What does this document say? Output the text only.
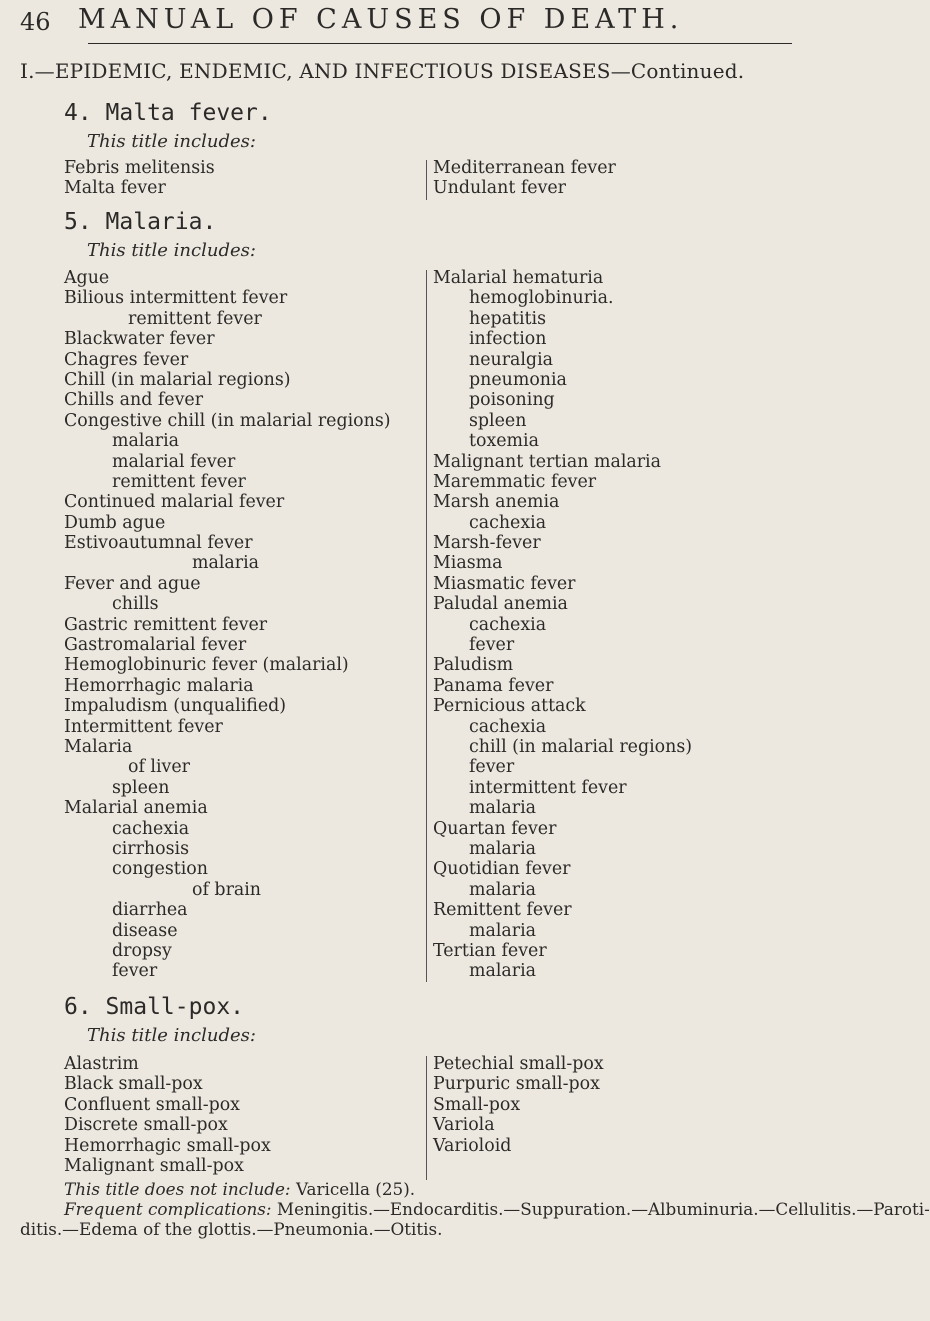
46 MANUAL OF CAUSES OF DEATH.
I.—EPIDEMIC, ENDEMIC, AND INFECTIOUS DISEASES—Continued.
4. Malta fever.
This title includes:
Febris melitensis
Malta fever
Mediterranean fever
Undulant fever
5. Malaria.
This title includes:
Ague
Bilious intermittent fever
remittent fever
Blackwater fever
Chagres fever
Chill (in malarial regions)
Chills and fever
Congestive chill (in malarial regions)
malaria
malarial fever
remittent fever
Continued malarial fever
Dumb ague
Estivoautumnal fever
malaria
Fever and ague
chills
Gastric remittent fever
Gastromalarial fever
Hemoglobinuric fever (malarial)
Hemorrhagic malaria
Impaludism (unqualified)
Intermittent fever
Malaria
of liver
spleen
Malarial anemia
cachexia
cirrhosis
congestion
of brain
diarrhea
disease
dropsy
fever
Malarial hematuria
hemoglobinuria.
hepatitis
infection
neuralgia
pneumonia
poisoning
spleen
toxemia
Malignant tertian malaria
Maremmatic fever
Marsh anemia
cachexia
Marsh-fever
Miasma
Miasmatic fever
Paludal anemia
cachexia
fever
Paludism
Panama fever
Pernicious attack
cachexia
chill (in malarial regions)
fever
intermittent fever
malaria
Quartan fever
malaria
Quotidian fever
malaria
Remittent fever
malaria
Tertian fever
malaria
6. Small-pox.
This title includes:
Alastrim
Black small-pox
Confluent small-pox
Discrete small-pox
Hemorrhagic small-pox
Malignant small-pox
Petechial small-pox
Purpuric small-pox
Small-pox
Variola
Varioloid
This title does not include: Varicella (25).
Frequent complications: Meningitis.—Endocarditis.—Suppuration.—Albuminuria.—Cellulitis.—Paroti-
ditis.—Edema of the glottis.—Pneumonia.—Otitis.
